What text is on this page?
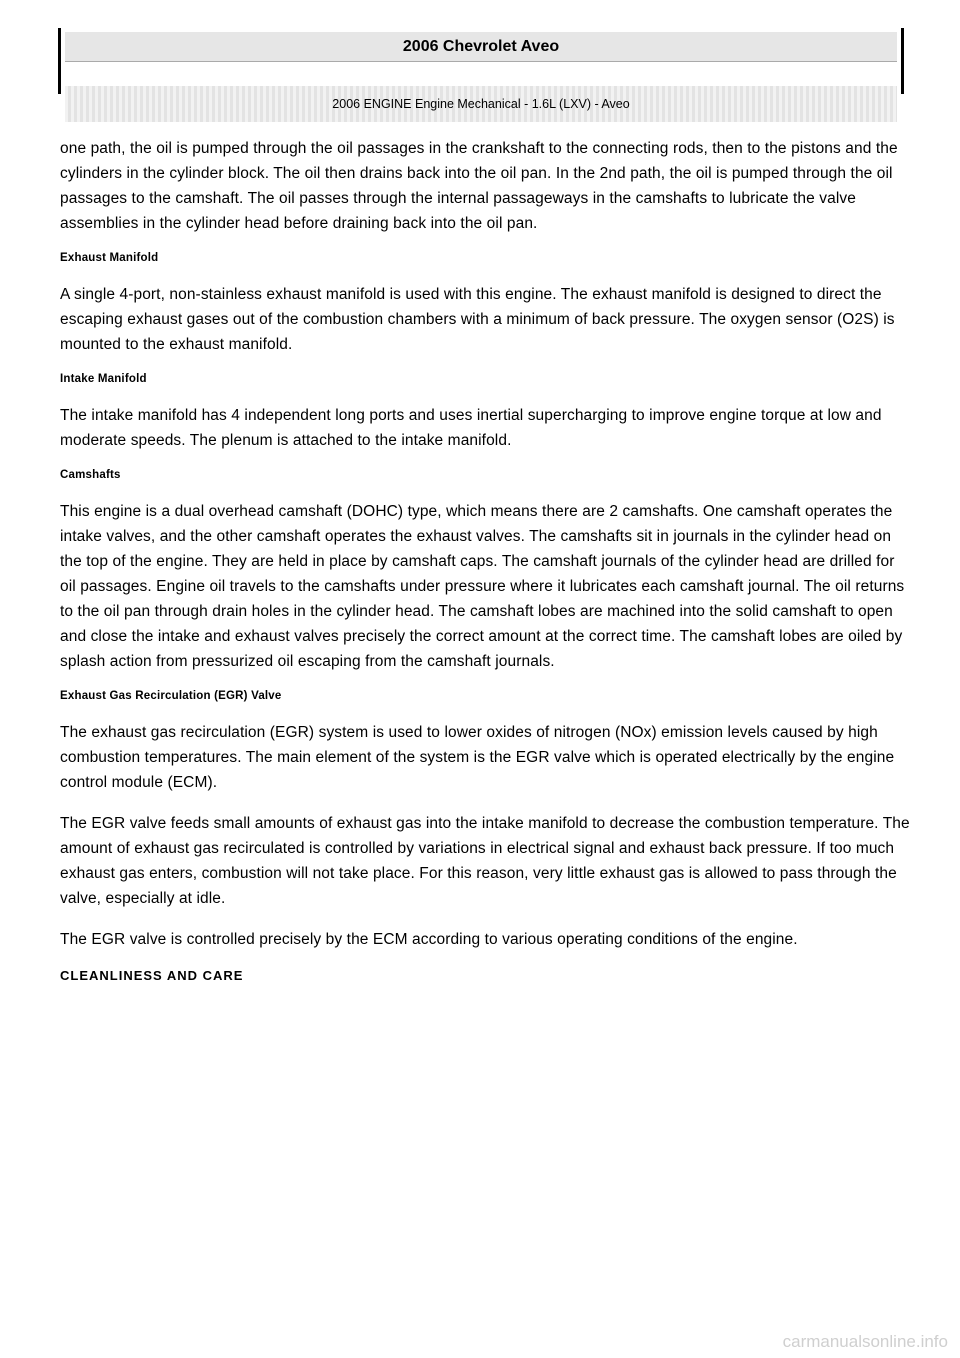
2006 Chevrolet Aveo
2006 ENGINE Engine Mechanical - 1.6L (LXV) - Aveo

one path, the oil is pumped through the oil passages in the crankshaft to the connecting rods, then to the pistons and the cylinders in the cylinder block. The oil then drains back into the oil pan. In the 2nd path, the oil is pumped through the oil passages to the camshaft. The oil passes through the internal passageways in the camshafts to lubricate the valve assemblies in the cylinder head before draining back into the oil pan.

Exhaust Manifold

A single 4-port, non-stainless exhaust manifold is used with this engine. The exhaust manifold is designed to direct the escaping exhaust gases out of the combustion chambers with a minimum of back pressure. The oxygen sensor (O2S) is mounted to the exhaust manifold.

Intake Manifold

The intake manifold has 4 independent long ports and uses inertial supercharging to improve engine torque at low and moderate speeds. The plenum is attached to the intake manifold.

Camshafts

This engine is a dual overhead camshaft (DOHC) type, which means there are 2 camshafts. One camshaft operates the intake valves, and the other camshaft operates the exhaust valves. The camshafts sit in journals in the cylinder head on the top of the engine. They are held in place by camshaft caps. The camshaft journals of the cylinder head are drilled for oil passages. Engine oil travels to the camshafts under pressure where it lubricates each camshaft journal. The oil returns to the oil pan through drain holes in the cylinder head. The camshaft lobes are machined into the solid camshaft to open and close the intake and exhaust valves precisely the correct amount at the correct time. The camshaft lobes are oiled by splash action from pressurized oil escaping from the camshaft journals.

Exhaust Gas Recirculation (EGR) Valve

The exhaust gas recirculation (EGR) system is used to lower oxides of nitrogen (NOx) emission levels caused by high combustion temperatures. The main element of the system is the EGR valve which is operated electrically by the engine control module (ECM).

The EGR valve feeds small amounts of exhaust gas into the intake manifold to decrease the combustion temperature. The amount of exhaust gas recirculated is controlled by variations in electrical signal and exhaust back pressure. If too much exhaust gas enters, combustion will not take place. For this reason, very little exhaust gas is allowed to pass through the valve, especially at idle.

The EGR valve is controlled precisely by the ECM according to various operating conditions of the engine.

CLEANLINESS AND CARE
carmanualsonline.info
